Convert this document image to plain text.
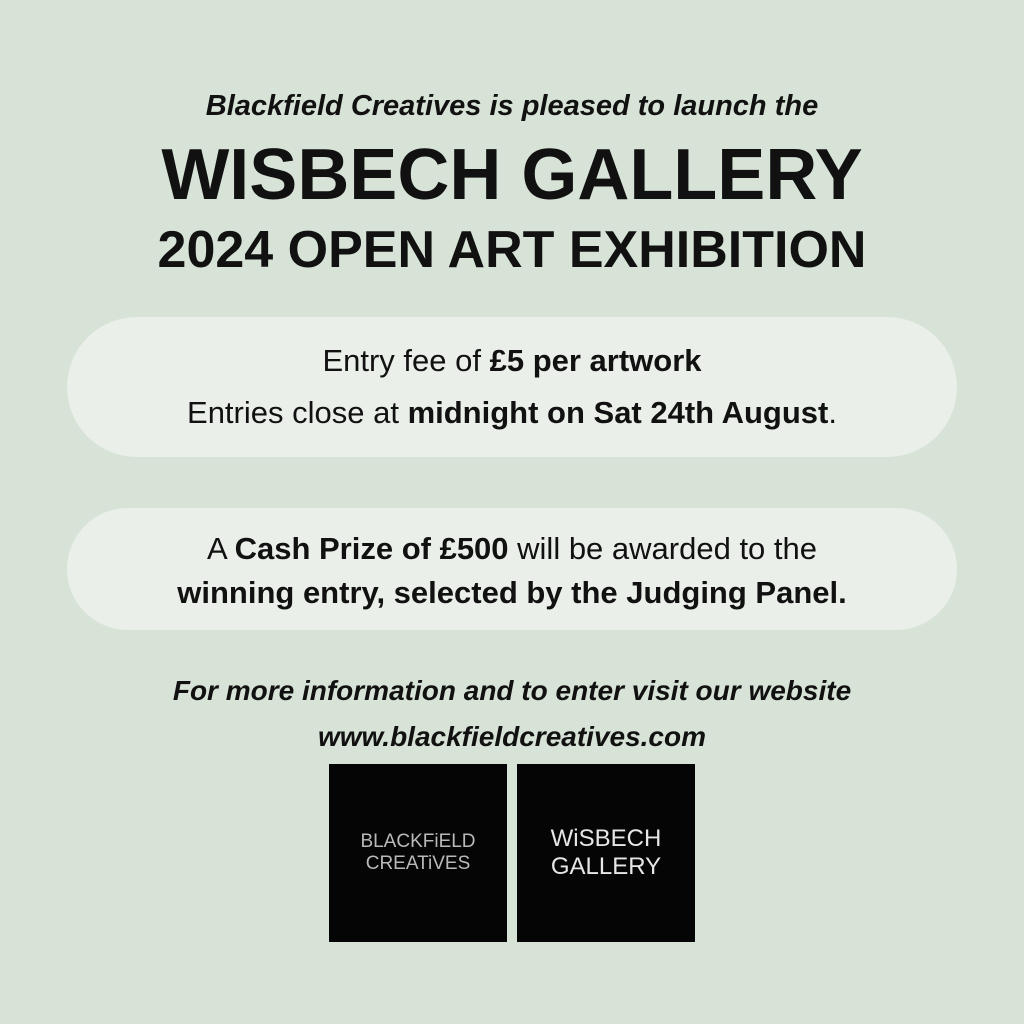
Blackfield Creatives is pleased to launch the
WISBECH GALLERY
2024 OPEN ART EXHIBITION
Entry fee of £5 per artwork
Entries close at midnight on Sat 24th August.
A Cash Prize of £500 will be awarded to the
winning entry, selected by the Judging Panel.
For more information and to enter visit our website
www.blackfieldcreatives.com
BLACKFiELD
CREATiVES
WiSBECH
GALLERY
